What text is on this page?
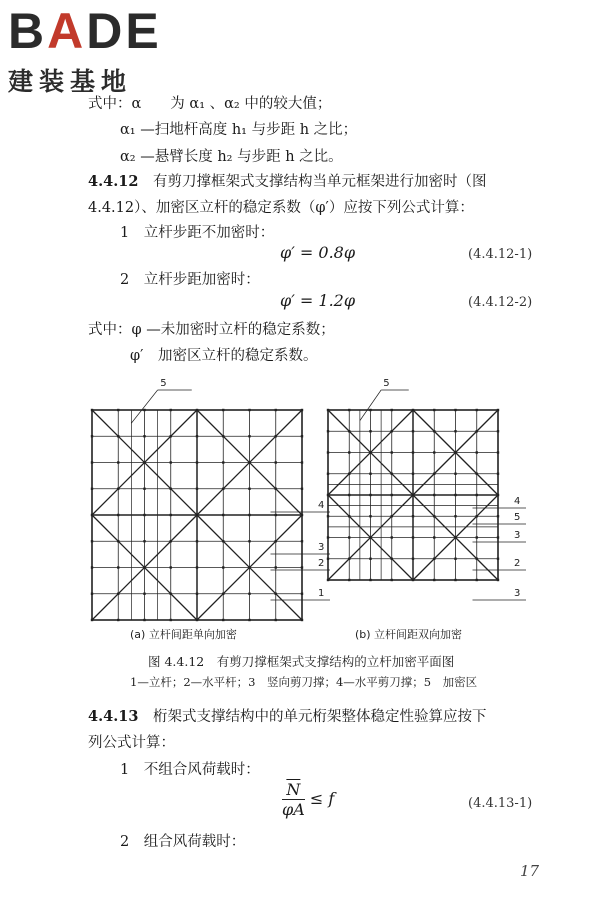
BADE
建装基地
式中：α　　为 α₁ 、α₂ 中的较大值；
α₁ —扫地杆高度 h₁ 与步距 h 之比；
α₂ —悬臂长度 h₂ 与步距 h 之比。
4.4.12　 有剪刀撑框架式支撑结构当单元框架进行加密时（图
4.4.12）、加密区立杆的稳定系数（φ′）应按下列公式计算：
1　立杆步距不加密时：
φ′ = 0.8φ	(4.4.12-1)
2　立杆步距加密时：
φ′ = 1.2φ	(4.4.12-2)
式中：φ —未加密时立杆的稳定系数；
φ′　加密区立杆的稳定系数。
5
4
3
2
1
5
4
5
3
2
3
(a) 立杆间距单向加密	(b) 立杆间距双向加密
图 4.4.12　有剪刀撑框架式支撑结构的立杆加密平面图
1—立杆；2—水平杆；3　竖向剪刀撑；4—水平剪刀撑；5　加密区
4.4.13　 桁架式支撑结构中的单元桁架整体稳定性验算应按下
列公式计算：
1　不组合风荷载时：
$\frac{\overline{N}}{\varphi A} \le f$	(4.4.13-1)
2　组合风荷载时：
17
